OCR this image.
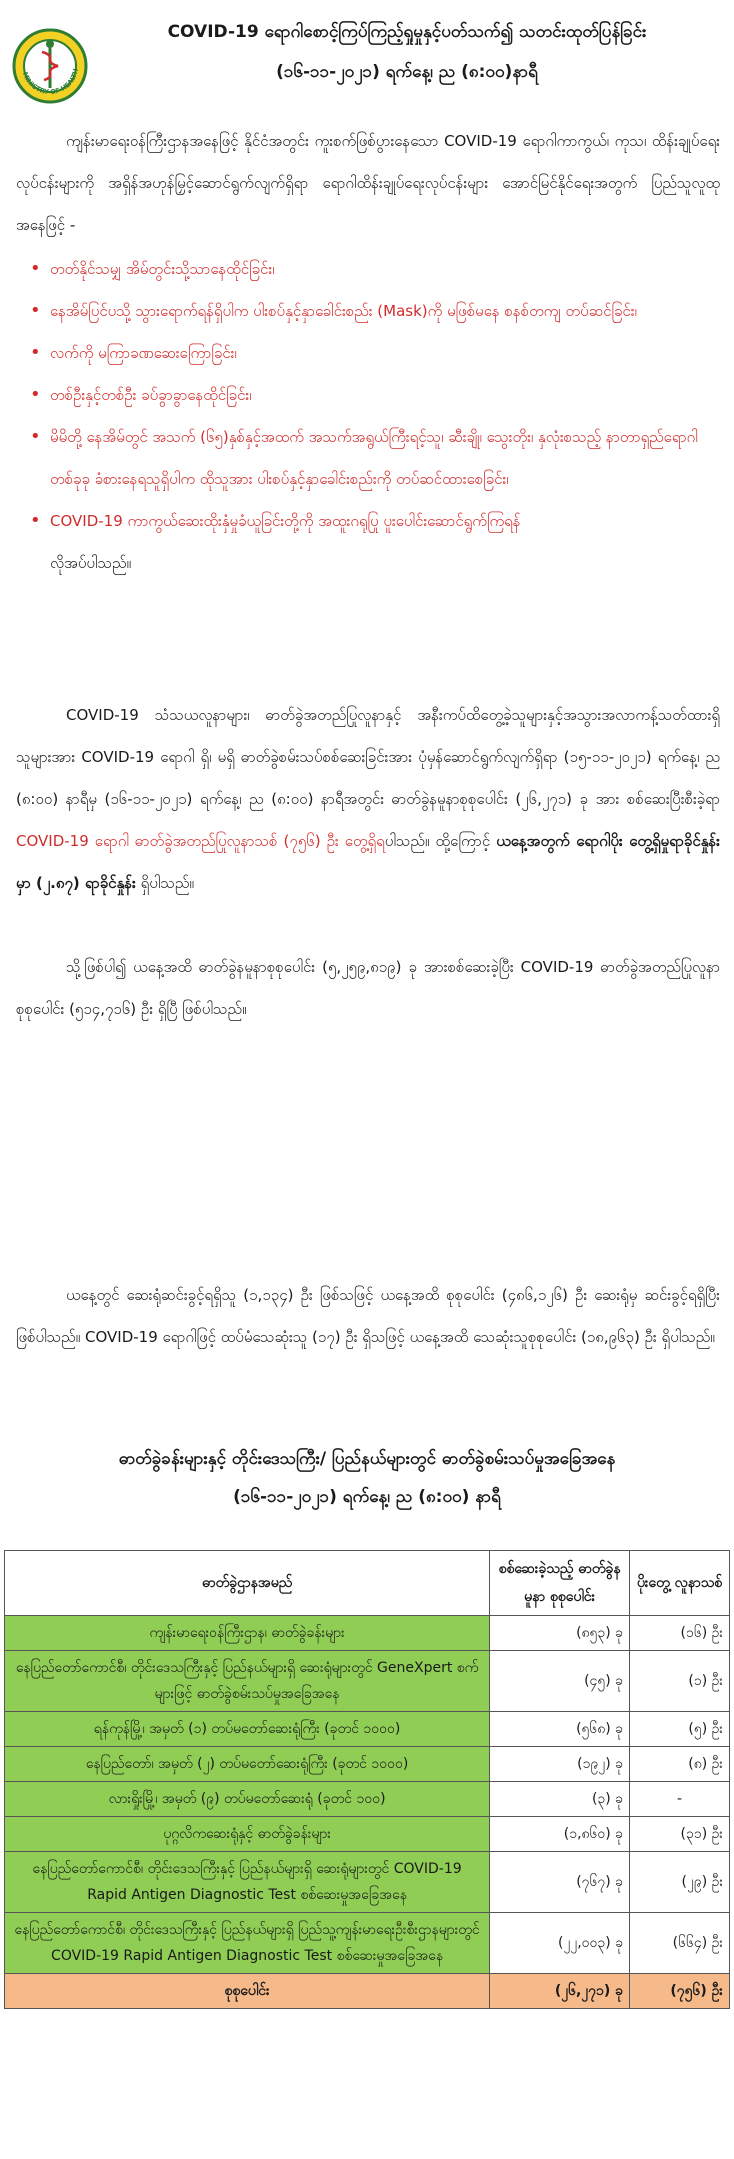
MINISTRY OF HEALTH
COVID-19 ရောဂါစောင့်ကြပ်ကြည့်ရှုမှုနှင့်ပတ်သက်၍ သတင်းထုတ်ပြန်ခြင်း
(၁၆-၁၁-၂၀၂၁) ရက်နေ့၊ ည (၈:၀၀)နာရီ

ကျန်းမာရေးဝန်ကြီးဌာနအနေဖြင့် နိုင်ငံအတွင်း ကူးစက်ဖြစ်ပွားနေသော COVID-19 ရောဂါကာကွယ်၊ ကုသ၊ ထိန်းချုပ်ရေးလုပ်ငန်းများကို အရှိန်အဟုန်မြှင့်ဆောင်ရွက်လျက်ရှိရာ ရောဂါထိန်းချုပ်ရေးလုပ်ငန်းများ အောင်မြင်နိုင်ရေးအတွက် ပြည်သူလူထုအနေဖြင့် -

• တတ်နိုင်သမျှ အိမ်တွင်းသို့သာနေထိုင်ခြင်း၊
• နေအိမ်ပြင်ပသို့ သွားရောက်ရန်ရှိပါက ပါးစပ်နှင့်နှာခေါင်းစည်း (Mask)ကို မဖြစ်မနေ စနစ်တကျ တပ်ဆင်ခြင်း၊
• လက်ကို မကြာခဏဆေးကြောခြင်း၊
• တစ်ဦးနှင့်တစ်ဦး ခပ်ခွာခွာနေထိုင်ခြင်း၊
• မိမိတို့ နေအိမ်တွင် အသက် (၆၅)နှစ်နှင့်အထက် အသက်အရွယ်ကြီးရင့်သူ၊ ဆီးချို၊ သွေးတိုး၊ နှလုံးစသည့် နာတာရှည်ရောဂါတစ်ခုခု ခံစားနေရသူရှိပါက ထိုသူအား ပါးစပ်နှင့်နှာခေါင်းစည်းကို တပ်ဆင်ထားစေခြင်း၊
• COVID-19 ကာကွယ်ဆေးထိုးနှံမှုခံယူခြင်းတို့ကို အထူးဂရုပြု ပူးပေါင်းဆောင်ရွက်ကြရန်
လိုအပ်ပါသည်။

COVID-19 သံသယလူနာများ၊ ဓာတ်ခွဲအတည်ပြုလူနာနှင့် အနီးကပ်ထိတွေ့ခဲ့သူများနှင့်အသွားအလာကန့်သတ်ထားရှိသူများအား COVID-19 ရောဂါ ရှိ၊ မရှိ ဓာတ်ခွဲစမ်းသပ်စစ်ဆေးခြင်းအား ပုံမှန်ဆောင်ရွက်လျက်ရှိရာ (၁၅-၁၁-၂၀၂၁) ရက်နေ့၊ ည (၈:၀၀) နာရီမှ (၁၆-၁၁-၂၀၂၁) ရက်နေ့၊ ည (၈:၀၀) နာရီအတွင်း ဓာတ်ခွဲနမူနာစုစုပေါင်း (၂၆,၂၇၁) ခု အား စစ်ဆေးပြီးစီးခဲ့ရာ COVID-19 ရောဂါ ဓာတ်ခွဲအတည်ပြုလူနာသစ် (၇၅၆) ဦး တွေ့ရှိရပါသည်။ ထို့ကြောင့် ယနေ့အတွက် ရောဂါပိုး တွေ့ရှိမှုရာခိုင်နှုန်းမှာ (၂.၈၇) ရာခိုင်နှုန်း ရှိပါသည်။

သို့ဖြစ်ပါ၍ ယနေ့အထိ ဓာတ်ခွဲနမူနာစုစုပေါင်း (၅,၂၅၉,၈၁၉) ခု အားစစ်ဆေးခဲ့ပြီး COVID-19 ဓာတ်ခွဲအတည်ပြုလူနာ စုစုပေါင်း (၅၁၄,၇၁၆) ဦး ရှိပြီ ဖြစ်ပါသည်။

ယနေ့တွင် ဆေးရုံဆင်းခွင့်ရရှိသူ (၁,၁၃၄) ဦး ဖြစ်သဖြင့် ယနေ့အထိ စုစုပေါင်း (၄၈၆,၁၂၆) ဦး ဆေးရုံမှ ဆင်းခွင့်ရရှိပြီး ဖြစ်ပါသည်။ COVID-19 ရောဂါဖြင့် ထပ်မံသေဆုံးသူ (၁၇) ဦး ရှိသဖြင့် ယနေ့အထိ သေဆုံးသူစုစုပေါင်း (၁၈,၉၆၃) ဦး ရှိပါသည်။

ဓာတ်ခွဲခန်းများနှင့် တိုင်းဒေသကြီး/ ပြည်နယ်များတွင် ဓာတ်ခွဲစမ်းသပ်မှုအခြေအနေ
(၁၆-၁၁-၂၀၂၁) ရက်နေ့၊ ည (၈:၀၀) နာရီ
ဓာတ်ခွဲဌာနအမည်	စစ်ဆေးခဲ့သည့် ဓာတ်ခွဲနမူနာ စုစုပေါင်း	ပိုးတွေ့ လူနာသစ်
ကျန်းမာရေးဝန်ကြီးဌာန၊ ဓာတ်ခွဲခန်းများ	(၈၅၃) ခု	(၁၆) ဦး
နေပြည်တော်ကောင်စီ၊ တိုင်းဒေသကြီးနှင့် ပြည်နယ်များရှိ ဆေးရုံများတွင် GeneXpert စက်များဖြင့် ဓာတ်ခွဲစမ်းသပ်မှုအခြေအနေ	(၄၅) ခု	(၁) ဦး
ရန်ကုန်မြို့၊ အမှတ် (၁) တပ်မတော်ဆေးရုံကြီး (ခုတင် ၁၀၀၀)	(၅၆၈) ခု	(၅) ဦး
နေပြည်တော်၊ အမှတ် (၂) တပ်မတော်ဆေးရုံကြီး (ခုတင် ၁၀၀၀)	(၁၉၂) ခု	(၈) ဦး
လားရှိုးမြို့၊ အမှတ် (၉) တပ်မတော်ဆေးရုံ (ခုတင် ၁၀၀)	(၃) ခု	-
ပုဂ္ဂလိကဆေးရုံနှင့် ဓာတ်ခွဲခန်းများ	(၁,၈၆၀) ခု	(၃၁) ဦး
နေပြည်တော်ကောင်စီ၊ တိုင်းဒေသကြီးနှင့် ပြည်နယ်များရှိ ဆေးရုံများတွင် COVID-19 Rapid Antigen Diagnostic Test စစ်ဆေးမှုအခြေအနေ	(၇၆၇) ခု	(၂၉) ဦး
နေပြည်တော်ကောင်စီ၊ တိုင်းဒေသကြီးနှင့် ပြည်နယ်များရှိ ပြည်သူ့ကျန်းမာရေးဦးစီးဌာနများတွင် COVID-19 Rapid Antigen Diagnostic Test စစ်ဆေးမှုအခြေအနေ	(၂၂,၀၀၃) ခု	(၆၆၄) ဦး
စုစုပေါင်း	(၂၆,၂၇၁) ခု	(၇၅၆) ဦး
